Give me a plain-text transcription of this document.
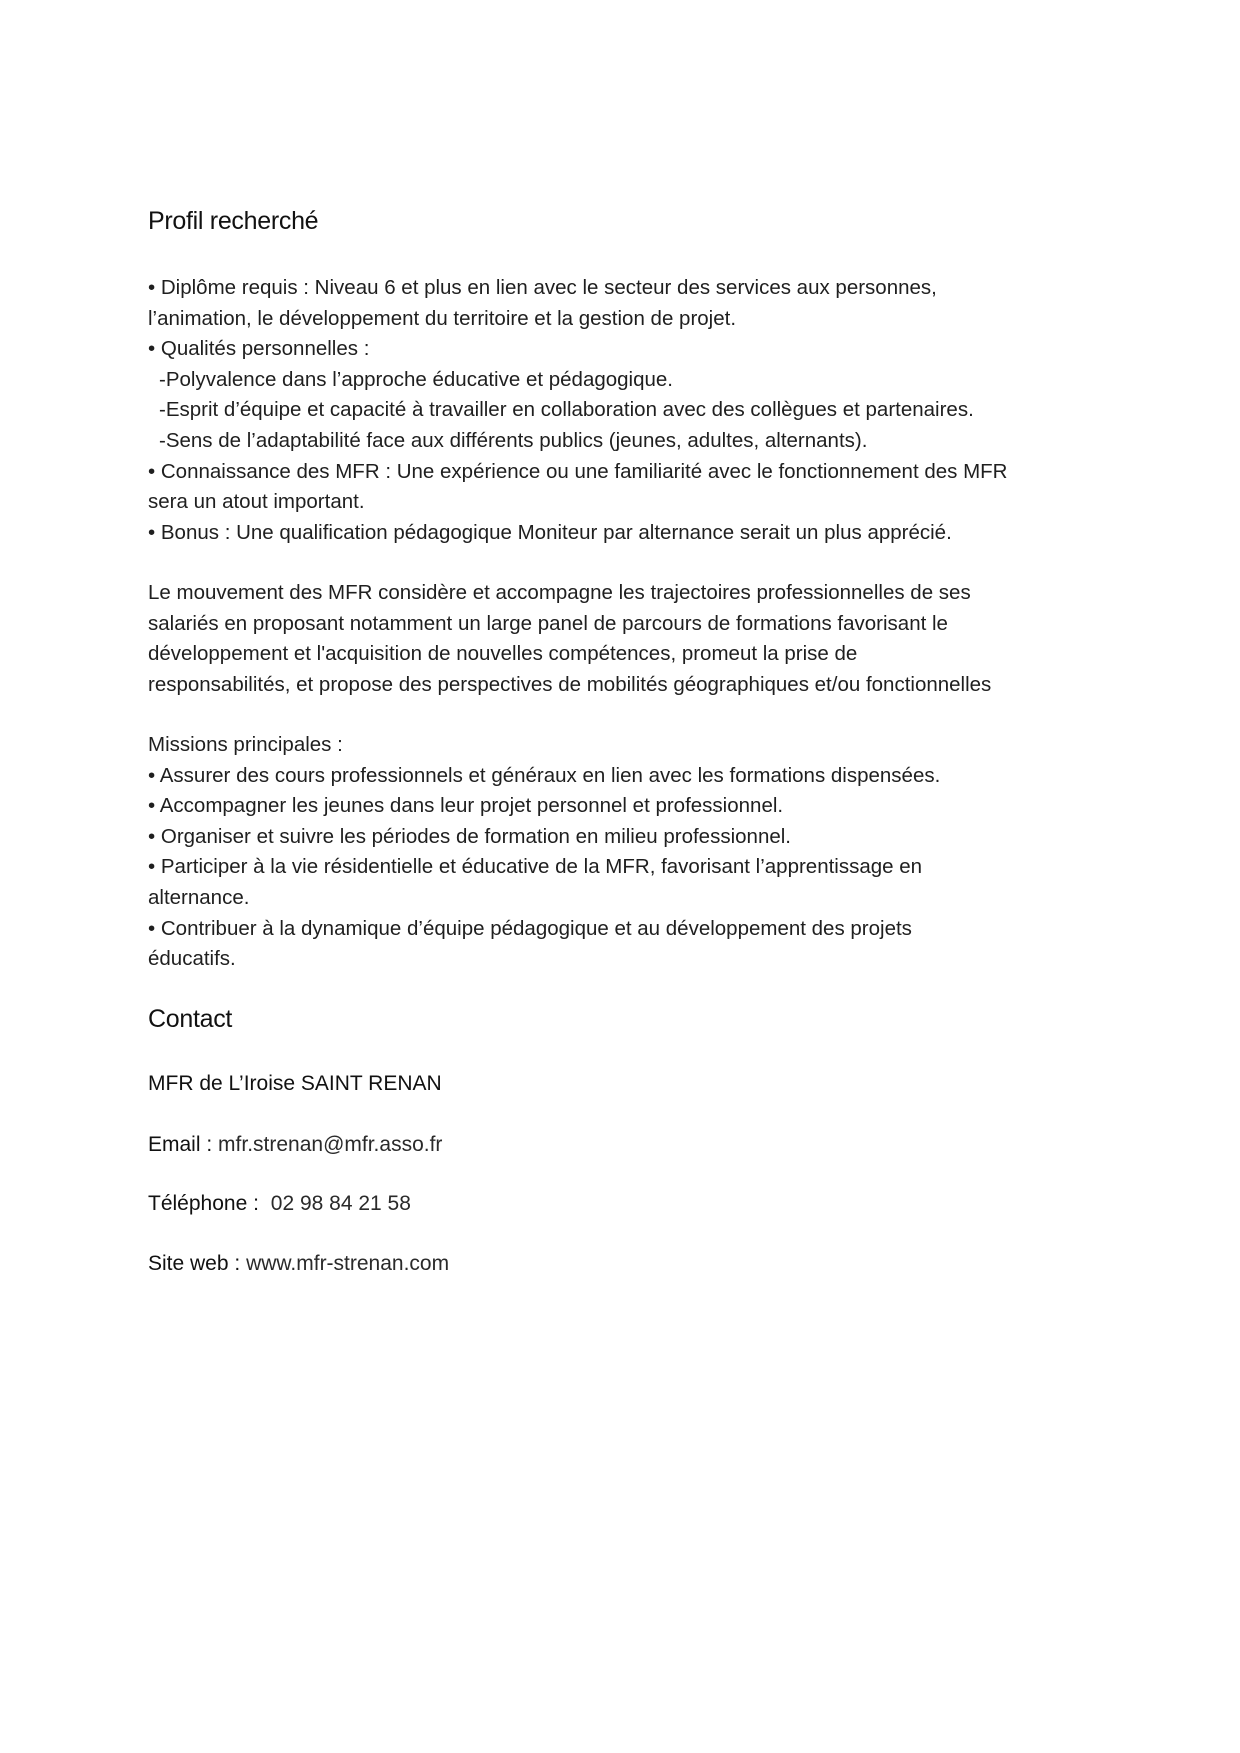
Profil recherché
• Diplôme requis : Niveau 6 et plus en lien avec le secteur des services aux personnes,
l’animation, le développement du territoire et la gestion de projet.
• Qualités personnelles :
-Polyvalence dans l’approche éducative et pédagogique.
-Esprit d’équipe et capacité à travailler en collaboration avec des collègues et partenaires.
-Sens de l’adaptabilité face aux différents publics (jeunes, adultes, alternants).
• Connaissance des MFR : Une expérience ou une familiarité avec le fonctionnement des MFR
sera un atout important.
• Bonus : Une qualification pédagogique Moniteur par alternance serait un plus apprécié.
Le mouvement des MFR considère et accompagne les trajectoires professionnelles de ses
salariés en proposant notamment un large panel de parcours de formations favorisant le
développement et l'acquisition de nouvelles compétences, promeut la prise de
responsabilités, et propose des perspectives de mobilités géographiques et/ou fonctionnelles
Missions principales :
• Assurer des cours professionnels et généraux en lien avec les formations dispensées.
• Accompagner les jeunes dans leur projet personnel et professionnel.
• Organiser et suivre les périodes de formation en milieu professionnel.
• Participer à la vie résidentielle et éducative de la MFR, favorisant l’apprentissage en
alternance.
• Contribuer à la dynamique d’équipe pédagogique et au développement des projets
éducatifs.
Contact
MFR de L’Iroise SAINT RENAN
Email : mfr.strenan@mfr.asso.fr
Téléphone : 02 98 84 21 58
Site web : www.mfr-strenan.com
